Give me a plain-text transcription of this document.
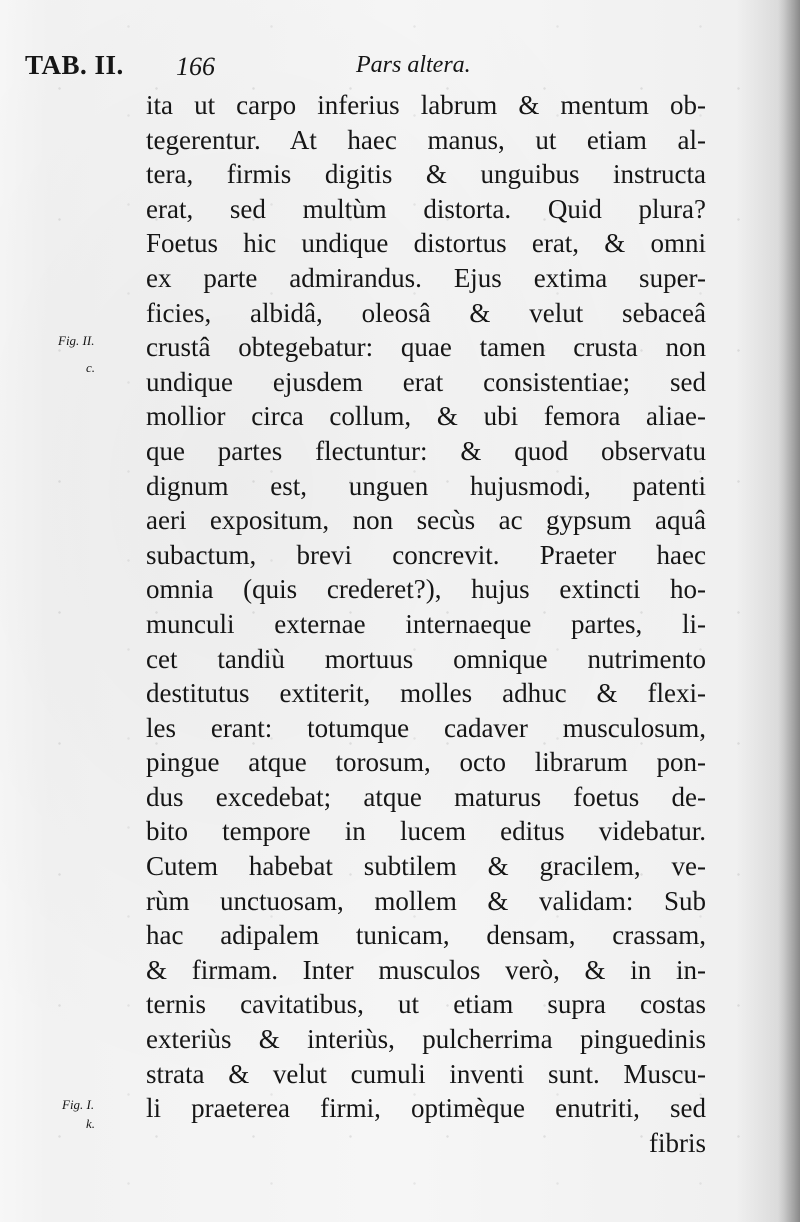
TAB. II. 166	Pars altera.
Fig. II.
c.
Fig. I.
k.
ita ut carpo inferius labrum & mentum ob-
tegerentur. At haec manus, ut etiam al-
tera, firmis digitis & unguibus instructa
erat, sed multùm distorta. Quid plura?
Foetus hic undique distortus erat, & omni
ex parte admirandus. Ejus extima super-
ficies, albidâ, oleosâ & velut sebaceâ
crustâ obtegebatur: quae tamen crusta non
undique ejusdem erat consistentiae; sed
mollior circa collum, & ubi femora aliae-
que partes flectuntur: & quod observatu
dignum est, unguen hujusmodi, patenti
aeri expositum, non secùs ac gypsum aquâ
subactum, brevi concrevit. Praeter haec
omnia (quis crederet?), hujus extincti ho-
munculi externae internaeque partes, li-
cet tandiù mortuus omnique nutrimento
destitutus extiterit, molles adhuc & flexi-
les erant: totumque cadaver musculosum,
pingue atque torosum, octo librarum pon-
dus excedebat; atque maturus foetus de-
bito tempore in lucem editus videbatur.
Cutem habebat subtilem & gracilem, ve-
rùm unctuosam, mollem & validam: Sub
hac adipalem tunicam, densam, crassam,
& firmam. Inter musculos verò, & in in-
ternis cavitatibus, ut etiam supra costas
exteriùs & interiùs, pulcherrima pinguedinis
strata & velut cumuli inventi sunt. Muscu-
li praeterea firmi, optimèque enutriti, sed
fibris
